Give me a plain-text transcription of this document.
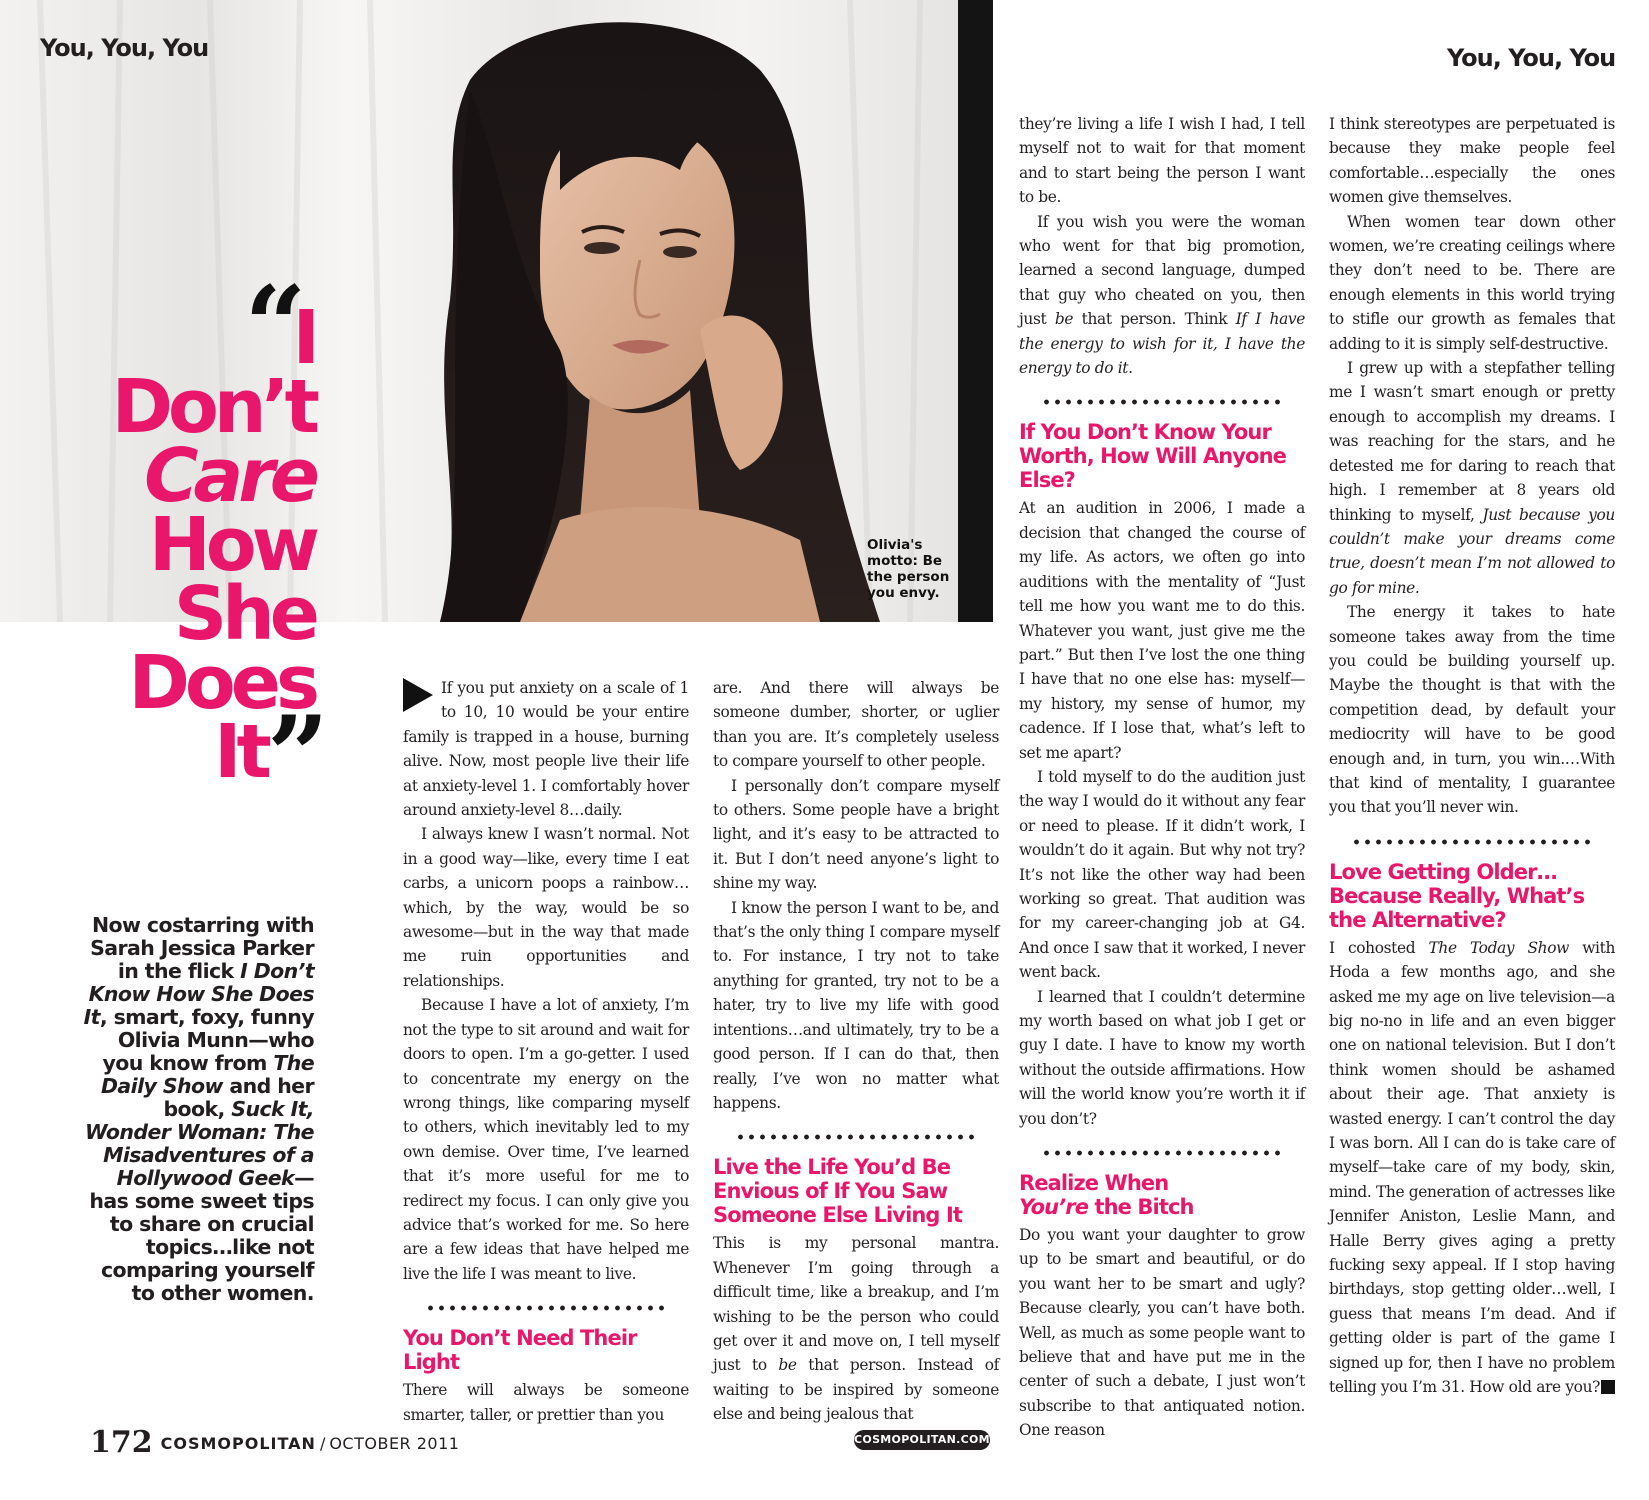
You, You, You	You, You, You
Olivia's motto: Be the person you envy.
“I
Don’t
Care
How
She
Does
It”
Now costarring with Sarah Jessica Parker in the flick I Don’t Know How She Does It, smart, foxy, funny Olivia Munn—who you know from The Daily Show and her book, Suck It, Wonder Woman: The Misadventures of a Hollywood Geek—has some sweet tips to share on crucial topics…like not comparing yourself to other women.

If you put anxiety on a scale of 1 to 10, 10 would be your entire family is trapped in a house, burning alive. Now, most people live their life at anxiety-level 1. I comfortably hover around anxiety-level 8…daily.

I always knew I wasn’t normal. Not in a good way—like, every time I eat carbs, a unicorn poops a rainbow… which, by the way, would be so awesome—but in the way that made me ruin opportunities and relationships.

Because I have a lot of anxiety, I’m not the type to sit around and wait for doors to open. I’m a go-getter. I used to concentrate my energy on the wrong things, like comparing myself to others, which inevitably led to my own demise. Over time, I’ve learned that it’s more useful for me to redirect my focus. I can only give you advice that’s worked for me. So here are a few ideas that have helped me live the life I was meant to live.

You Don’t Need Their Light

There will always be someone smarter, taller, or prettier than you

are. And there will always be someone dumber, shorter, or uglier than you are. It’s completely useless to compare yourself to other people.

I personally don’t compare myself to others. Some people have a bright light, and it’s easy to be attracted to it. But I don’t need anyone’s light to shine my way.

I know the person I want to be, and that’s the only thing I compare myself to. For instance, I try not to take anything for granted, try not to be a hater, try to live my life with good intentions…and ultimately, try to be a good person. If I can do that, then really, I’ve won no matter what happens.

Live the Life You’d Be Envious of If You Saw Someone Else Living It

This is my personal mantra. Whenever I’m going through a difficult time, like a breakup, and I’m wishing to be the person who could get over it and move on, I tell myself just to be that person. Instead of waiting to be inspired by someone else and being jealous that

they’re living a life I wish I had, I tell myself not to wait for that moment and to start being the person I want to be.

If you wish you were the woman who went for that big promotion, learned a second language, dumped that guy who cheated on you, then just be that person. Think If I have the energy to wish for it, I have the energy to do it.

If You Don’t Know Your Worth, How Will Anyone Else?

At an audition in 2006, I made a decision that changed the course of my life. As actors, we often go into auditions with the mentality of “Just tell me how you want me to do this. Whatever you want, just give me the part.” But then I’ve lost the one thing I have that no one else has: myself—my history, my sense of humor, my cadence. If I lose that, what’s left to set me apart?

I told myself to do the audition just the way I would do it without any fear or need to please. If it didn’t work, I wouldn’t do it again. But why not try? It’s not like the other way had been working so great. That audition was for my career-changing job at G4. And once I saw that it worked, I never went back.

I learned that I couldn’t determine my worth based on what job I get or guy I date. I have to know my worth without the outside affirmations. How will the world know you’re worth it if you don’t?

Realize When
You’re the Bitch

Do you want your daughter to grow up to be smart and beautiful, or do you want her to be smart and ugly? Because clearly, you can’t have both. Well, as much as some people want to believe that and have put me in the center of such a debate, I just won’t subscribe to that antiquated notion. One reason

I think stereotypes are perpetuated is because they make people feel comfortable…especially the ones women give themselves.

When women tear down other women, we’re creating ceilings where they don’t need to be. There are enough elements in this world trying to stifle our growth as females that adding to it is simply self-destructive.

I grew up with a stepfather telling me I wasn’t smart enough or pretty enough to accomplish my dreams. I was reaching for the stars, and he detested me for daring to reach that high. I remember at 8 years old thinking to myself, Just because you couldn’t make your dreams come true, doesn’t mean I’m not allowed to go for mine.

The energy it takes to hate someone takes away from the time you could be building yourself up. Maybe the thought is that with the competition dead, by default your mediocrity will have to be good enough and, in turn, you win.…With that kind of mentality, I guarantee you that you’ll never win.

Love Getting Older… Because Really, What’s the Alternative?

I cohosted The Today Show with Hoda a few months ago, and she asked me my age on live television—a big no-no in life and an even bigger one on national television. But I don’t think women should be ashamed about their age. That anxiety is wasted energy. I can’t control the day I was born. All I can do is take care of myself—take care of my body, skin, mind. The generation of actresses like Jennifer Aniston, Leslie Mann, and Halle Berry gives aging a pretty fucking sexy appeal. If I stop having birthdays, stop getting older…well, I guess that means I’m dead. And if getting older is part of the game I signed up for, then I have no problem telling you I’m 31. How old are you?

172 COSMOPOLITAN / OCTOBER 2011	COSMOPOLITAN.COM
